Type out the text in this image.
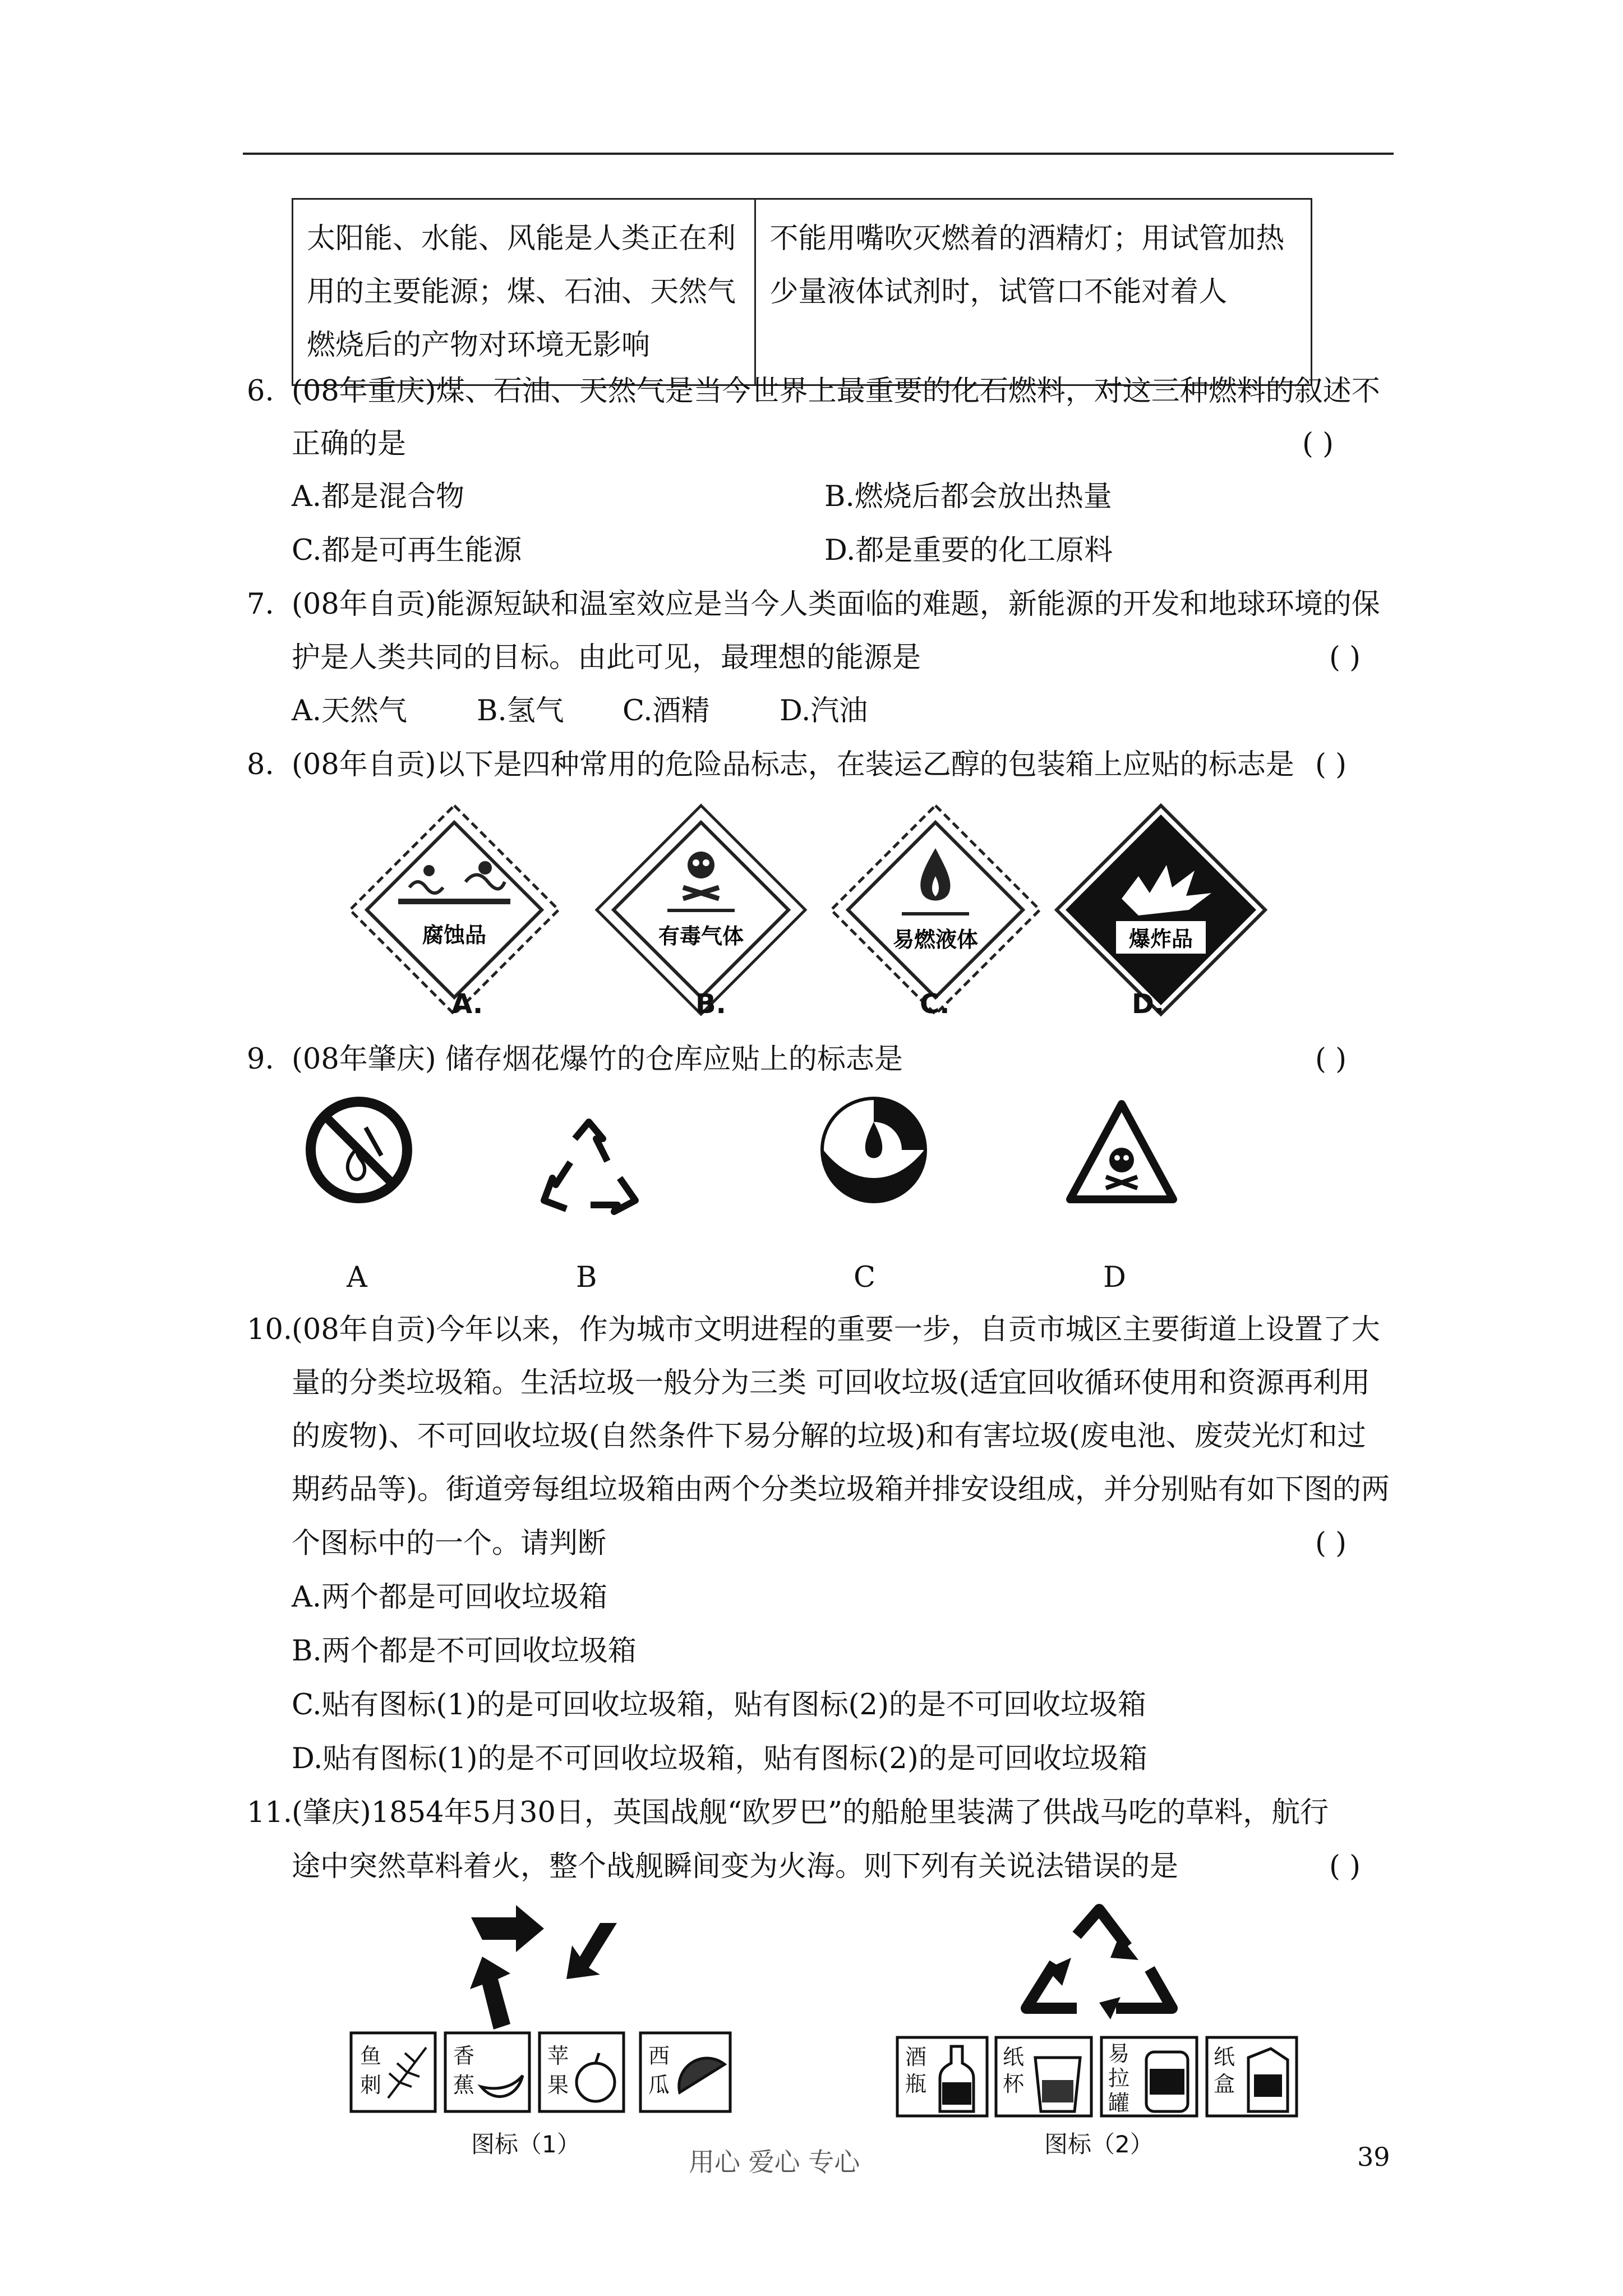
太阳能、水能、风能是人类正在利用的主要能源；煤、石油、天然气燃烧后的产物对环境无影响	不能用嘴吹灭燃着的酒精灯；用试管加热少量液体试剂时，试管口不能对着人
6. (08年重庆)煤、石油、天然气是当今世界上最重要的化石燃料，对这三种燃料的叙述不
正确的是	( )
A.都是混合物	B.燃烧后都会放出热量
C.都是可再生能源	D.都是重要的化工原料
7. (08年自贡)能源短缺和温室效应是当今人类面临的难题，新能源的开发和地球环境的保
护是人类共同的目标。由此可见，最理想的能源是	( )
A.天然气 B.氢气 C.酒精 D.汽油
8. (08年自贡)以下是四种常用的危险品标志，在装运乙醇的包装箱上应贴的标志是 ( )
腐蚀品
A.
有毒气体
B.
易燃液体
C.
爆炸品
D.
9. (08年肇庆) 储存烟花爆竹的仓库应贴上的标志是	( )
A	B	C	D
10.
(08年自贡)今年以来，作为城市文明进程的重要一步，自贡市城区主要街道上设置了大
量的分类垃圾箱。生活垃圾一般分为三类 可回收垃圾(适宜回收循环使用和资源再利用
的废物)、不可回收垃圾(自然条件下易分解的垃圾)和有害垃圾(废电池、废荧光灯和过
期药品等)。街道旁每组垃圾箱由两个分类垃圾箱并排安设组成，并分别贴有如下图的两
个图标中的一个。请判断	( )
A.两个都是可回收垃圾箱
B.两个都是不可回收垃圾箱
C.贴有图标(1)的是可回收垃圾箱，贴有图标(2)的是不可回收垃圾箱
D.贴有图标(1)的是不可回收垃圾箱，贴有图标(2)的是可回收垃圾箱
11.
(肇庆)1854年5月30日，英国战舰“欧罗巴”的船舱里装满了供战马吃的草料，航行
途中突然草料着火，整个战舰瞬间变为火海。则下列有关说法错误的是	( )
鱼
刺
香
蕉
苹
果
西
瓜
图标（1）
酒
瓶
纸
杯
易
拉
罐
纸
盒
图标（2）
用心 爱心 专心	39
